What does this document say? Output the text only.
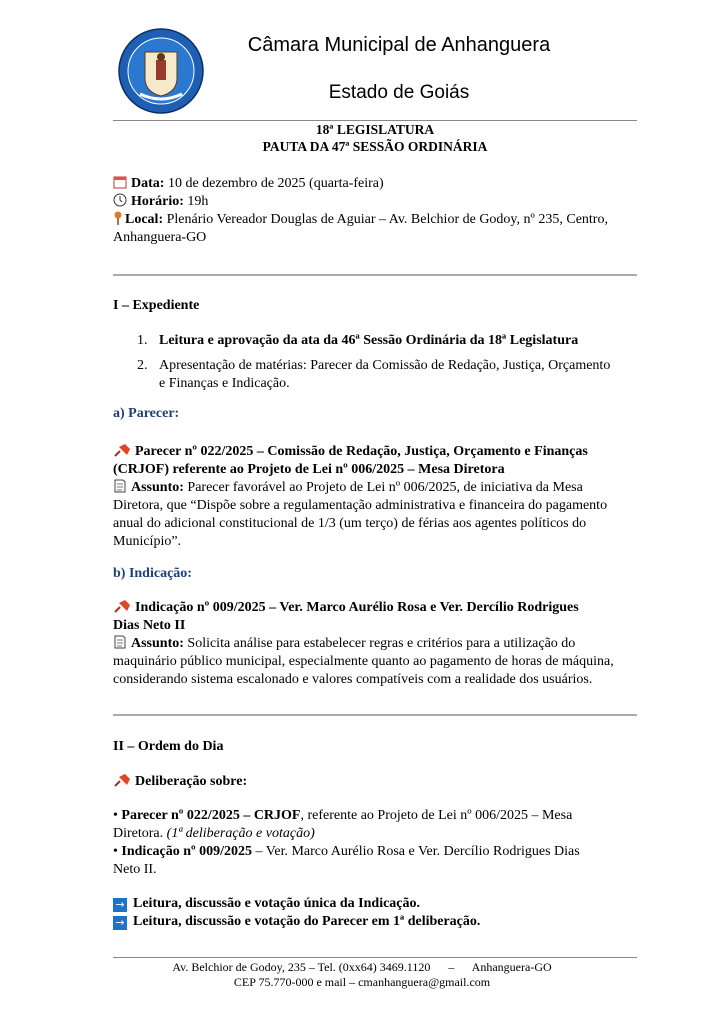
Câmara Municipal de Anhanguera
Estado de Goiás
18ª LEGISLATURA
PAUTA DA 47ª SESSÃO ORDINÁRIA
Data: 10 de dezembro de 2025 (quarta-feira)
Horário: 19h
Local: Plenário Vereador Douglas de Aguiar – Av. Belchior de Godoy, nº 235, Centro,
Anhanguera-GO
I – Expediente
1. Leitura e aprovação da ata da 46ª Sessão Ordinária da 18ª Legislatura
2. Apresentação de matérias: Parecer da Comissão de Redação, Justiça, Orçamento
e Finanças e Indicação.
a) Parecer:
Parecer nº 022/2025 – Comissão de Redação, Justiça, Orçamento e Finanças
(CRJOF) referente ao Projeto de Lei nº 006/2025 – Mesa Diretora
Assunto: Parecer favorável ao Projeto de Lei nº 006/2025, de iniciativa da Mesa
Diretora, que “Dispõe sobre a regulamentação administrativa e financeira do pagamento
anual do adicional constitucional de 1/3 (um terço) de férias aos agentes políticos do
Município”.
b) Indicação:
Indicação nº 009/2025 – Ver. Marco Aurélio Rosa e Ver. Dercílio Rodrigues
Dias Neto II
Assunto: Solicita análise para estabelecer regras e critérios para a utilização do
maquinário público municipal, especialmente quanto ao pagamento de horas de máquina,
considerando sistema escalonado e valores compatíveis com a realidade dos usuários.
II – Ordem do Dia
Deliberação sobre:
• Parecer nº 022/2025 – CRJOF, referente ao Projeto de Lei nº 006/2025 – Mesa
Diretora. (1ª deliberação e votação)
• Indicação nº 009/2025 – Ver. Marco Aurélio Rosa e Ver. Dercílio Rodrigues Dias
Neto II.
→ Leitura, discussão e votação única da Indicação.
→ Leitura, discussão e votação do Parecer em 1ª deliberação.
Av. Belchior de Godoy, 235 – Tel. (0xx64) 3469.1120      –      Anhanguera-GO
CEP 75.770-000 e mail – cmanhanguera@gmail.com
